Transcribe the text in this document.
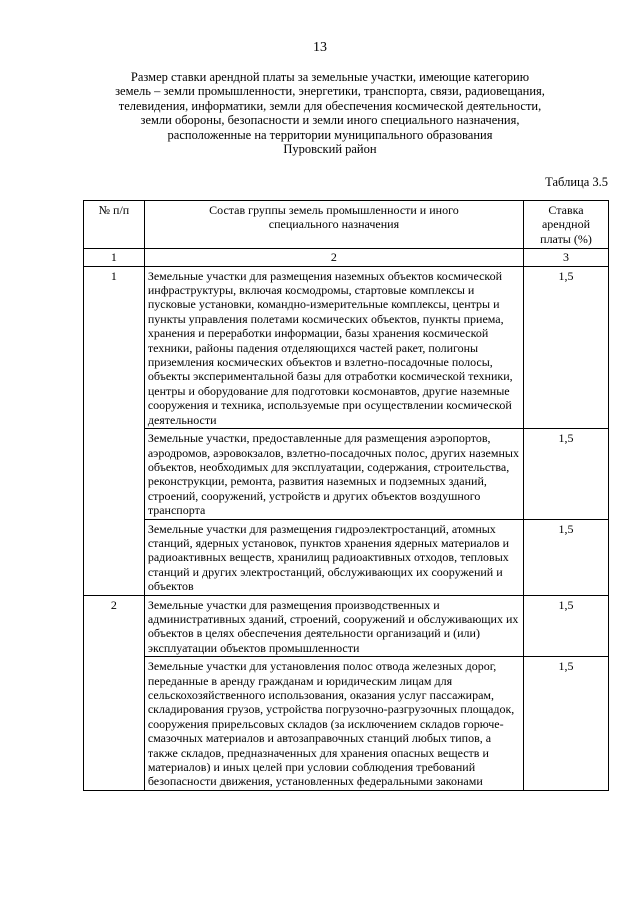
13
Размер ставки арендной платы за земельные участки, имеющие категорию
земель – земли промышленности, энергетики, транспорта, связи, радиовещания,
телевидения, информатики, земли для обеспечения космической деятельности,
земли обороны, безопасности и земли иного специального назначения,
расположенные на территории муниципального образования
Пуровский район
Таблица 3.5
№ п/п	Состав группы земель промышленности и иного специального назначения	Ставка арендной платы (%)
1	2	3
1	Земельные участки для размещения наземных объектов космической инфраструктуры, включая космодромы, стартовые комплексы и пусковые установки, командно-измерительные комплексы, центры и пункты управления полетами космических объектов, пункты приема, хранения и переработки информации, базы хранения космической техники, районы падения отделяющихся частей ракет, полигоны приземления космических объектов и взлетно-посадочные полосы, объекты экспериментальной базы для отработки космической техники, центры и оборудование для подготовки космонавтов, другие наземные сооружения и техника, используемые при осуществлении космической деятельности	1,5
	Земельные участки, предоставленные для размещения аэропортов, аэродромов, аэровокзалов, взлетно-посадочных полос, других наземных объектов, необходимых для эксплуатации, содержания, строительства, реконструкции, ремонта, развития наземных и подземных зданий, строений, сооружений, устройств и других объектов воздушного транспорта	1,5
	Земельные участки для размещения гидроэлектростанций, атомных станций, ядерных установок, пунктов хранения ядерных материалов и радиоактивных веществ, хранилищ радиоактивных отходов, тепловых станций и других электростанций, обслуживающих их сооружений и объектов	1,5
2	Земельные участки для размещения производственных и административных зданий, строений, сооружений и обслуживающих их объектов в целях обеспечения деятельности организаций и (или) эксплуатации объектов промышленности	1,5
	Земельные участки для установления полос отвода железных дорог, переданные в аренду гражданам и юридическим лицам для сельскохозяйственного использования, оказания услуг пассажирам, складирования грузов, устройства погрузочно-разгрузочных площадок, сооружения прирельсовых складов (за исключением складов горюче-смазочных материалов и автозаправочных станций любых типов, а также складов, предназначенных для хранения опасных веществ и материалов) и иных целей при условии соблюдения требований безопасности движения, установленных федеральными законами	1,5
